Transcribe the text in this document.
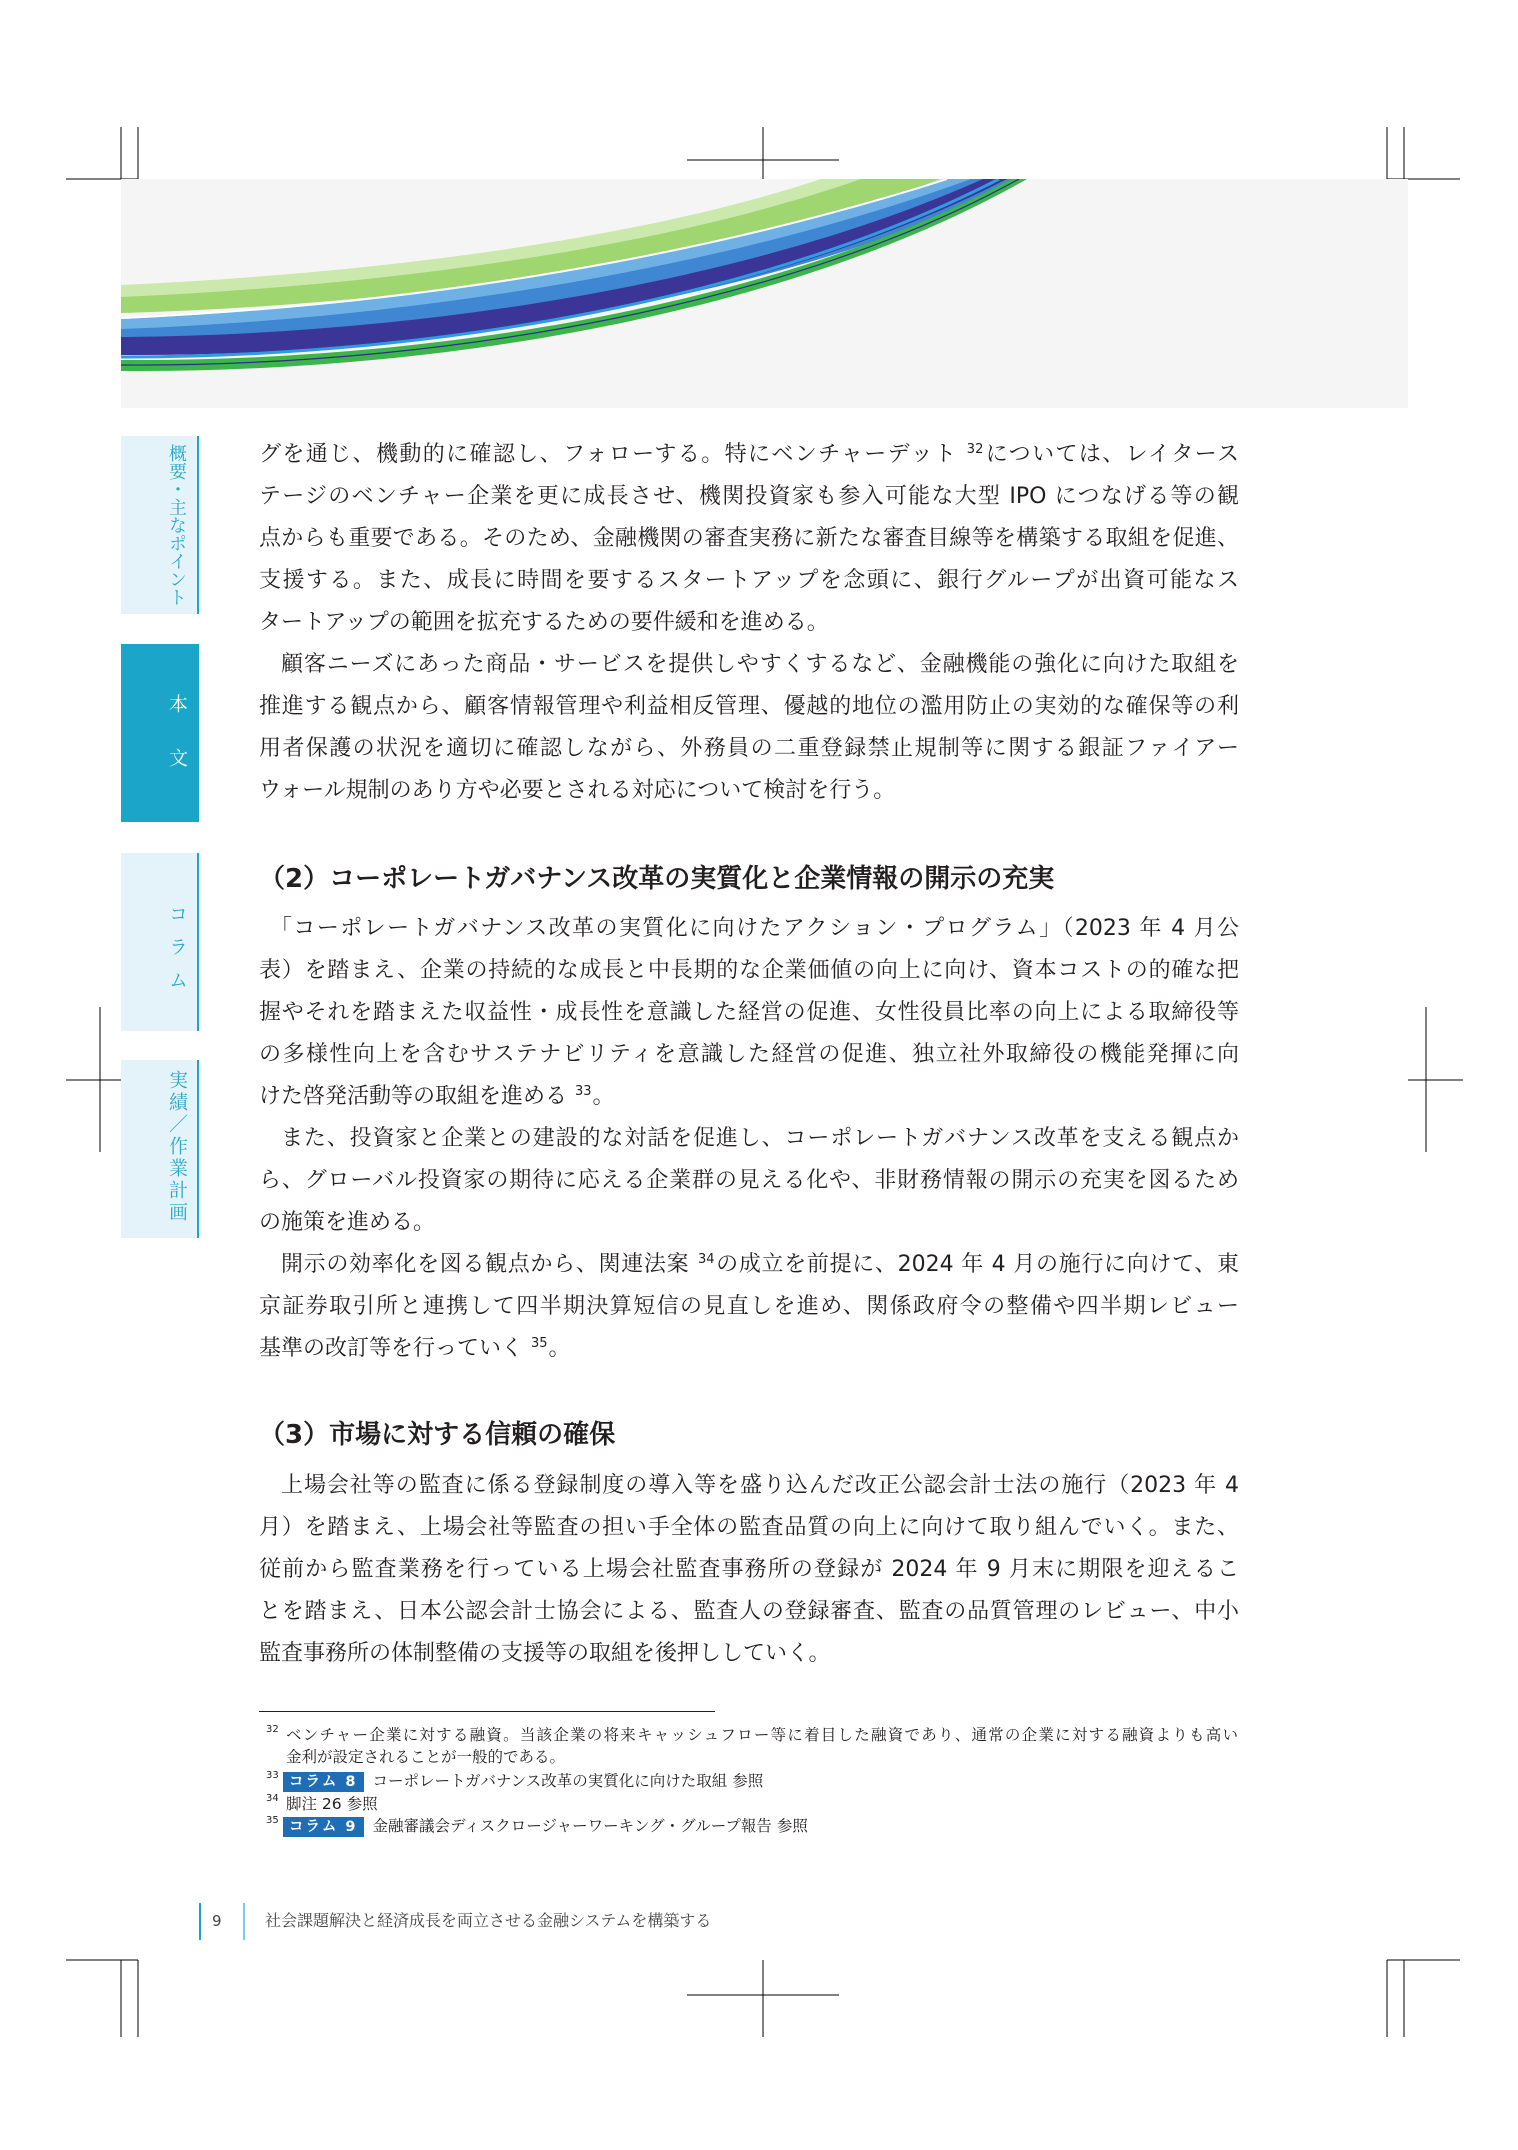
概要・主なポイント
本文
コラム
実績／作業計画
グを通じ、機動的に確認し、フォローする。特にベンチャーデット $^{32}$については、レイタース
テージのベンチャー企業を更に成長させ、機関投資家も参入可能な大型 IPO につなげる等の観
点からも重要である。そのため、金融機関の審査実務に新たな審査目線等を構築する取組を促進、
支援する。また、成長に時間を要するスタートアップを念頭に、銀行グループが出資可能なス
タートアップの範囲を拡充するための要件緩和を進める。
顧客ニーズにあった商品・サービスを提供しやすくするなど、金融機能の強化に向けた取組を
推進する観点から、顧客情報管理や利益相反管理、優越的地位の濫用防止の実効的な確保等の利
用者保護の状況を適切に確認しながら、外務員の二重登録禁止規制等に関する銀証ファイアー
ウォール規制のあり方や必要とされる対応について検討を行う。
（2）コーポレートガバナンス改革の実質化と企業情報の開示の充実
「コーポレートガバナンス改革の実質化に向けたアクション・プログラム」（2023 年 4 月公
表）を踏まえ、企業の持続的な成長と中長期的な企業価値の向上に向け、資本コストの的確な把
握やそれを踏まえた収益性・成長性を意識した経営の促進、女性役員比率の向上による取締役等
の多様性向上を含むサステナビリティを意識した経営の促進、独立社外取締役の機能発揮に向
けた啓発活動等の取組を進める $^{33}$。
また、投資家と企業との建設的な対話を促進し、コーポレートガバナンス改革を支える観点か
ら、グローバル投資家の期待に応える企業群の見える化や、非財務情報の開示の充実を図るため
の施策を進める。
開示の効率化を図る観点から、関連法案 $^{34}$の成立を前提に、2024 年 4 月の施行に向けて、東
京証券取引所と連携して四半期決算短信の見直しを進め、関係政府令の整備や四半期レビュー
基準の改訂等を行っていく $^{35}$。
（3）市場に対する信頼の確保
上場会社等の監査に係る登録制度の導入等を盛り込んだ改正公認会計士法の施行（2023 年 4
月）を踏まえ、上場会社等監査の担い手全体の監査品質の向上に向けて取り組んでいく。また、
従前から監査業務を行っている上場会社監査事務所の登録が 2024 年 9 月末に期限を迎えるこ
とを踏まえ、日本公認会計士協会による、監査人の登録審査、監査の品質管理のレビュー、中小
監査事務所の体制整備の支援等の取組を後押ししていく。
32 ベンチャー企業に対する融資。当該企業の将来キャッシュフロー等に着目した融資であり、通常の企業に対する融資よりも高い
金利が設定されることが一般的である。
33 コラム 8 コーポレートガバナンス改革の実質化に向けた取組 参照
34 脚注 26 参照
35 コラム 9 金融審議会ディスクロージャーワーキング・グループ報告 参照
9	社会課題解決と経済成長を両立させる金融システムを構築する
